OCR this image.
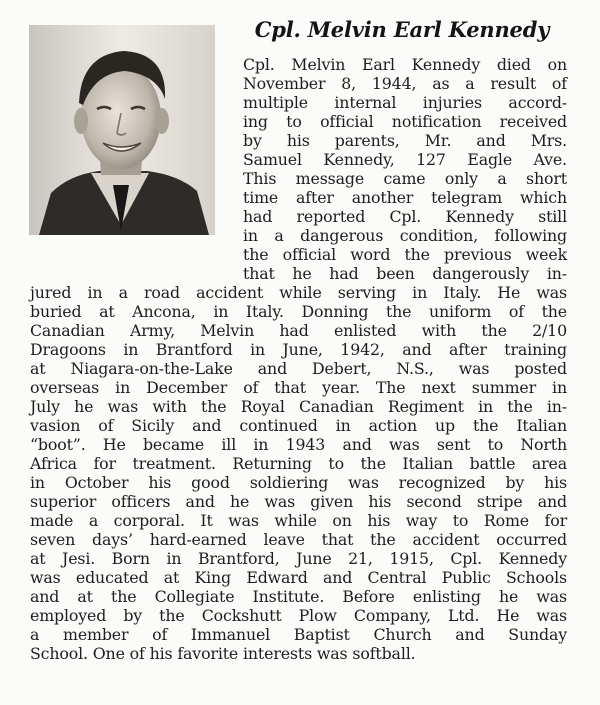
Cpl. Melvin Earl Kennedy
Cpl. Melvin Earl Kennedy died on
November 8, 1944, as a result of
multiple internal injuries accord-
ing to official notification received
by his parents, Mr. and Mrs.
Samuel Kennedy, 127 Eagle Ave.
This message came only a short
time after another telegram which
had reported Cpl. Kennedy still
in a dangerous condition, following
the official word the previous week
that he had been dangerously in-
jured in a road accident while serving in Italy. He was
buried at Ancona, in Italy. Donning the uniform of the
Canadian Army, Melvin had enlisted with the 2/10
Dragoons in Brantford in June, 1942, and after training
at Niagara-on-the-Lake and Debert, N.S., was posted
overseas in December of that year. The next summer in
July he was with the Royal Canadian Regiment in the in-
vasion of Sicily and continued in action up the Italian
“boot”. He became ill in 1943 and was sent to North
Africa for treatment. Returning to the Italian battle area
in October his good soldiering was recognized by his
superior officers and he was given his second stripe and
made a corporal. It was while on his way to Rome for
seven days’ hard-earned leave that the accident occurred
at Jesi. Born in Brantford, June 21, 1915, Cpl. Kennedy
was educated at King Edward and Central Public Schools
and at the Collegiate Institute. Before enlisting he was
employed by the Cockshutt Plow Company, Ltd. He was
a member of Immanuel Baptist Church and Sunday
School. One of his favorite interests was softball.
